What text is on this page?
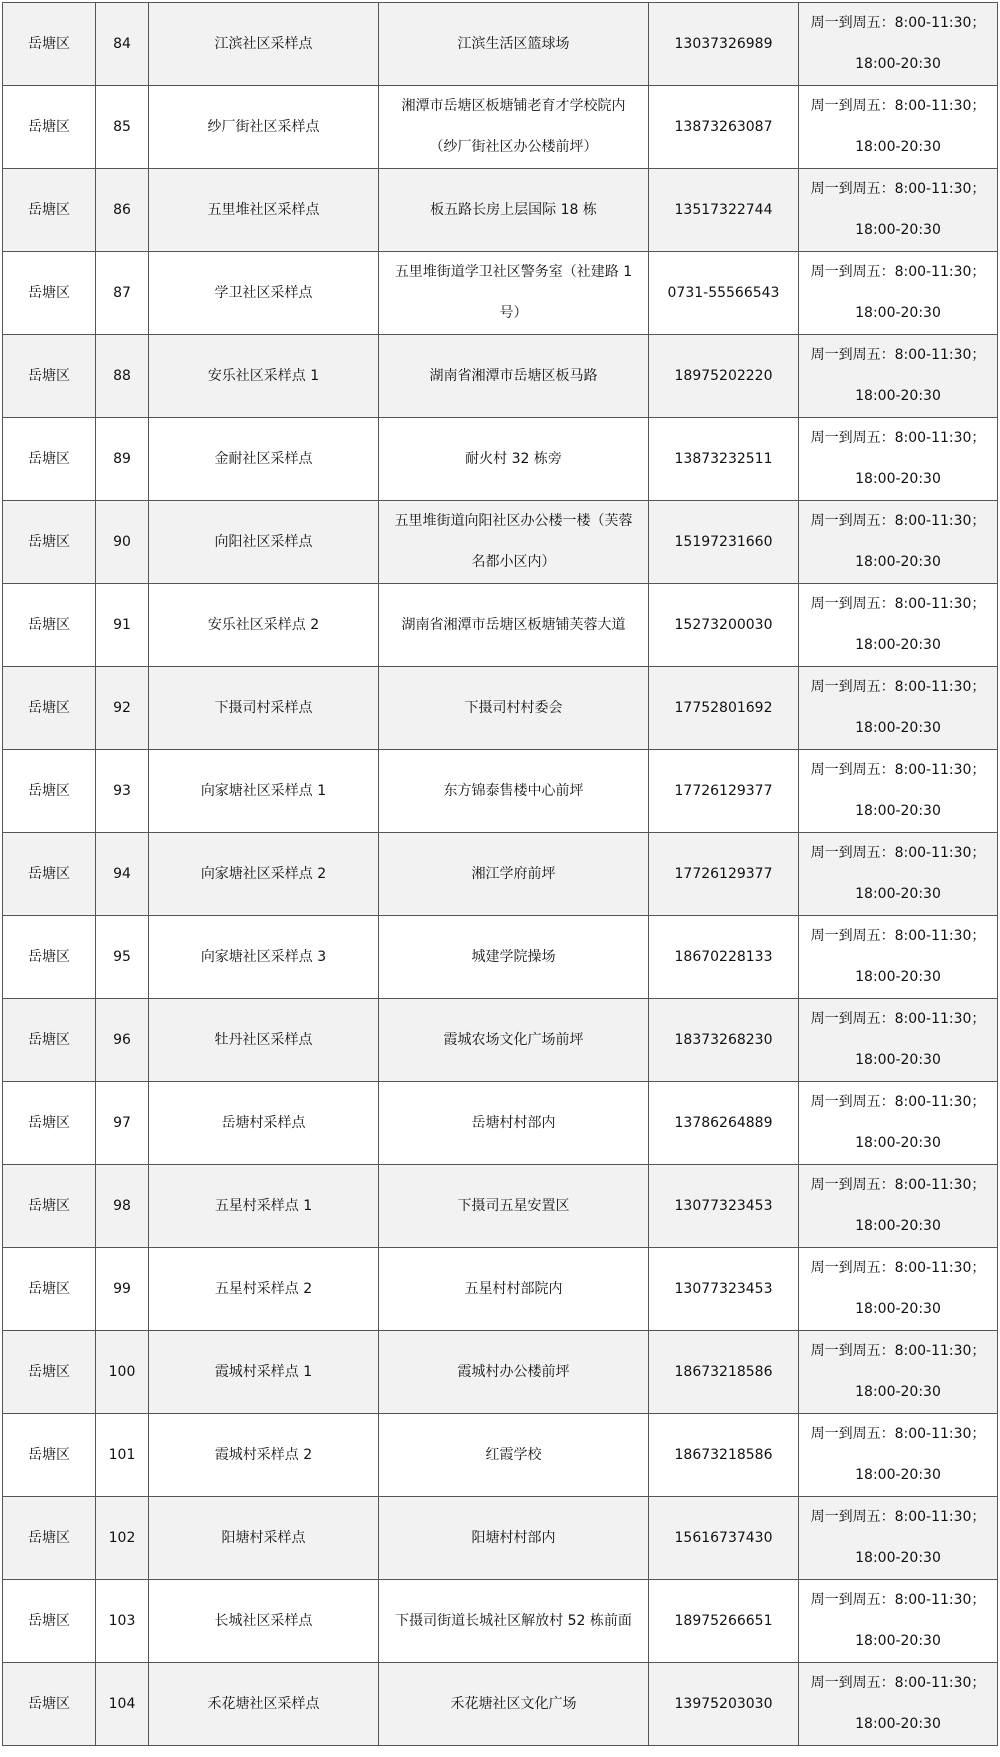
岳塘区	84	江滨社区采样点	江滨生活区篮球场	13037326989	周一到周五：8:00-11:30；
18:00-20:30

岳塘区	85	纱厂街社区采样点	湘潭市岳塘区板塘铺老育才学校院内
（纱厂街社区办公楼前坪）	13873263087	周一到周五：8:00-11:30；
18:00-20:30

岳塘区	86	五里堆社区采样点	板五路长房上层国际 18 栋	13517322744	周一到周五：8:00-11:30；
18:00-20:30

岳塘区	87	学卫社区采样点	五里堆街道学卫社区警务室（社建路 1
号）	0731-55566543	周一到周五：8:00-11:30；
18:00-20:30

岳塘区	88	安乐社区采样点 1	湖南省湘潭市岳塘区板马路	18975202220	周一到周五：8:00-11:30；
18:00-20:30

岳塘区	89	金耐社区采样点	耐火村 32 栋旁	13873232511	周一到周五：8:00-11:30；
18:00-20:30

岳塘区	90	向阳社区采样点	五里堆街道向阳社区办公楼一楼（芙蓉
名都小区内）	15197231660	周一到周五：8:00-11:30；
18:00-20:30

岳塘区	91	安乐社区采样点 2	湖南省湘潭市岳塘区板塘铺芙蓉大道	15273200030	周一到周五：8:00-11:30；
18:00-20:30

岳塘区	92	下摄司村采样点	下摄司村村委会	17752801692	周一到周五：8:00-11:30；
18:00-20:30

岳塘区	93	向家塘社区采样点 1	东方锦泰售楼中心前坪	17726129377	周一到周五：8:00-11:30；
18:00-20:30

岳塘区	94	向家塘社区采样点 2	湘江学府前坪	17726129377	周一到周五：8:00-11:30；
18:00-20:30

岳塘区	95	向家塘社区采样点 3	城建学院操场	18670228133	周一到周五：8:00-11:30；
18:00-20:30

岳塘区	96	牡丹社区采样点	霞城农场文化广场前坪	18373268230	周一到周五：8:00-11:30；
18:00-20:30

岳塘区	97	岳塘村采样点	岳塘村村部内	13786264889	周一到周五：8:00-11:30；
18:00-20:30

岳塘区	98	五星村采样点 1	下摄司五星安置区	13077323453	周一到周五：8:00-11:30；
18:00-20:30

岳塘区	99	五星村采样点 2	五星村村部院内	13077323453	周一到周五：8:00-11:30；
18:00-20:30

岳塘区	100	霞城村采样点 1	霞城村办公楼前坪	18673218586	周一到周五：8:00-11:30；
18:00-20:30

岳塘区	101	霞城村采样点 2	红霞学校	18673218586	周一到周五：8:00-11:30；
18:00-20:30

岳塘区	102	阳塘村采样点	阳塘村村部内	15616737430	周一到周五：8:00-11:30；
18:00-20:30

岳塘区	103	长城社区采样点	下摄司街道长城社区解放村 52 栋前面	18975266651	周一到周五：8:00-11:30；
18:00-20:30

岳塘区	104	禾花塘社区采样点	禾花塘社区文化广场	13975203030	周一到周五：8:00-11:30；
18:00-20:30
